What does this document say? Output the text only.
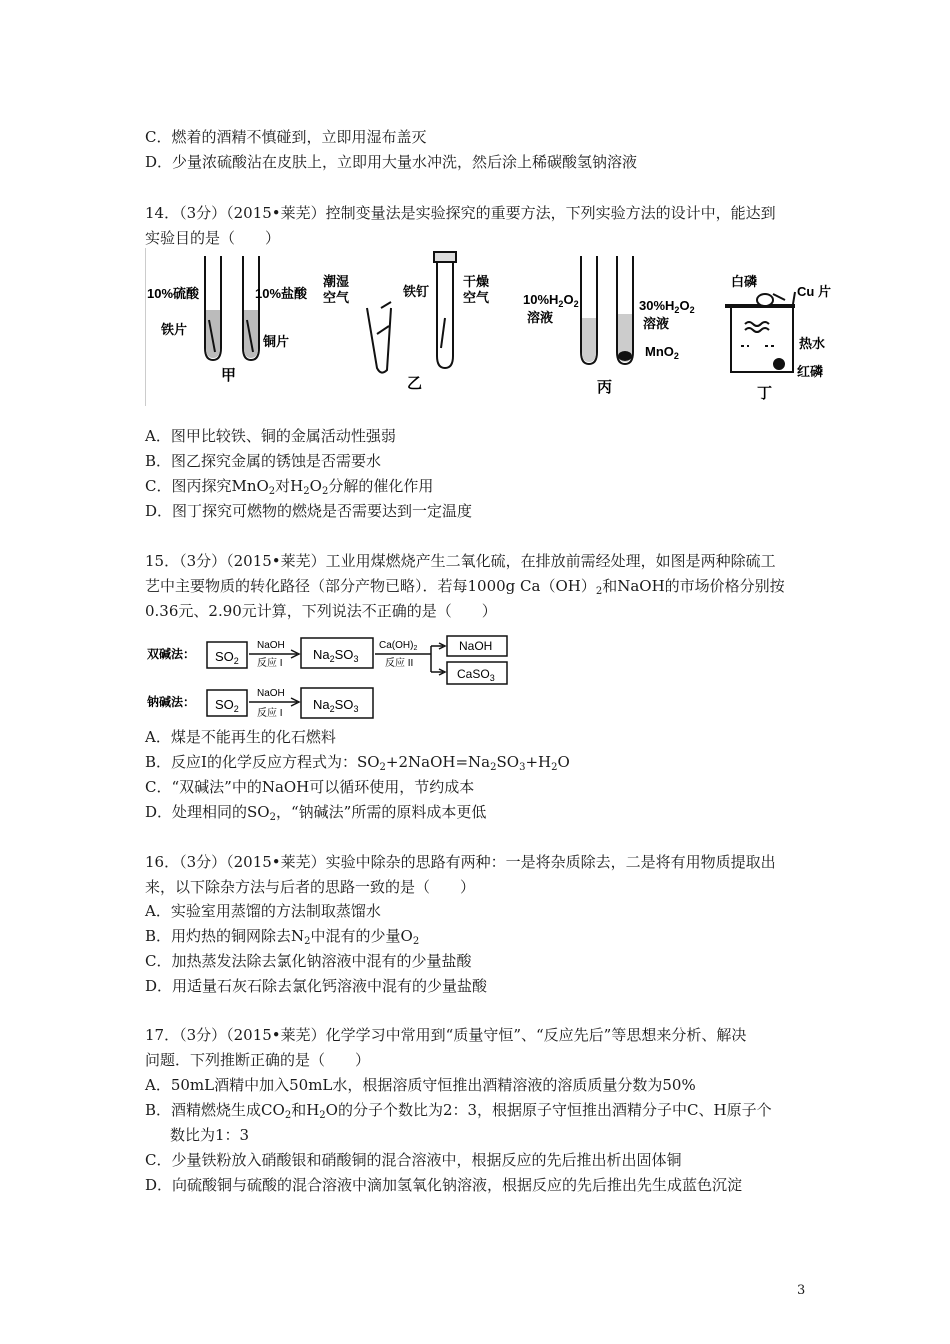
C．燃着的酒精不慎碰到，立即用湿布盖灭
D．少量浓硫酸沾在皮肤上，立即用大量水冲洗，然后涂上稀碳酸氢钠溶液
14．（3分）（2015•莱芜）控制变量法是实验探究的重要方法，下列实验方法的设计中，能达到
实验目的是（　　）
10%硫酸	10%盐酸
铁片
铜片
甲
潮湿
空气	铁钉
干燥
空气
乙
$10\%H_2O_2$
溶液
$30\%H_2O_2$
溶液
MnO$_2$
丙
白磷
Cu 片
热水
红磷
丁
A．图甲比较铁、铜的金属活动性强弱
B．图乙探究金属的锈蚀是否需要水
C．图丙探究MnO$_2$对$H_2O_2$分解的催化作用
D．图丁探究可燃物的燃烧是否需要达到一定温度
15．（3分）（2015•莱芜）工业用煤燃烧产生二氧化硫，在排放前需经处理，如图是两种除硫工
艺中主要物质的转化路径（部分产物已略）．若每1000g $Ca(OH)_2$和NaOH的市场价格分别按
0.36元、2.90元计算，下列说法不正确的是（　　）
双碱法：
钠碱法：
$SO_2$
NaOH
反应 I
$Na_2SO_3$
$Ca(OH)_2$
反应 II
NaOH
CaSO$_3$
$SO_2$
NaOH
反应 I
$Na_2SO_3$
A．煤是不能再生的化石燃料
B．反应Ⅰ的化学反应方程式为：$SO_2+2NaOH=Na_2SO_3+H_2O$
C．“双碱法”中的NaOH可以循环使用，节约成本
D．处理相同的$SO_2$，“钠碱法”所需的原料成本更低
16．（3分）（2015•莱芜）实验中除杂的思路有两种：一是将杂质除去，二是将有用物质提取出
来，以下除杂方法与后者的思路一致的是（　　）
A．实验室用蒸馏的方法制取蒸馏水
B．用灼热的铜网除去$N_2$中混有的少量$O_2$
C．加热蒸发法除去氯化钠溶液中混有的少量盐酸
D．用适量石灰石除去氯化钙溶液中混有的少量盐酸
17．（3分）（2015•莱芜）化学学习中常用到“质量守恒”、“反应先后”等思想来分析、解决
问题．下列推断正确的是（　　）
A．50mL酒精中加入50mL水，根据溶质守恒推出酒精溶液的溶质质量分数为50%
B．酒精燃烧生成$CO_2$和$H_2O$的分子个数比为2：3，根据原子守恒推出酒精分子中C、H原子个
数比为1：3
C．少量铁粉放入硝酸银和硝酸铜的混合溶液中，根据反应的先后推出析出固体铜
D．向硫酸铜与硫酸的混合溶液中滴加氢氧化钠溶液，根据反应的先后推出先生成蓝色沉淀
3
